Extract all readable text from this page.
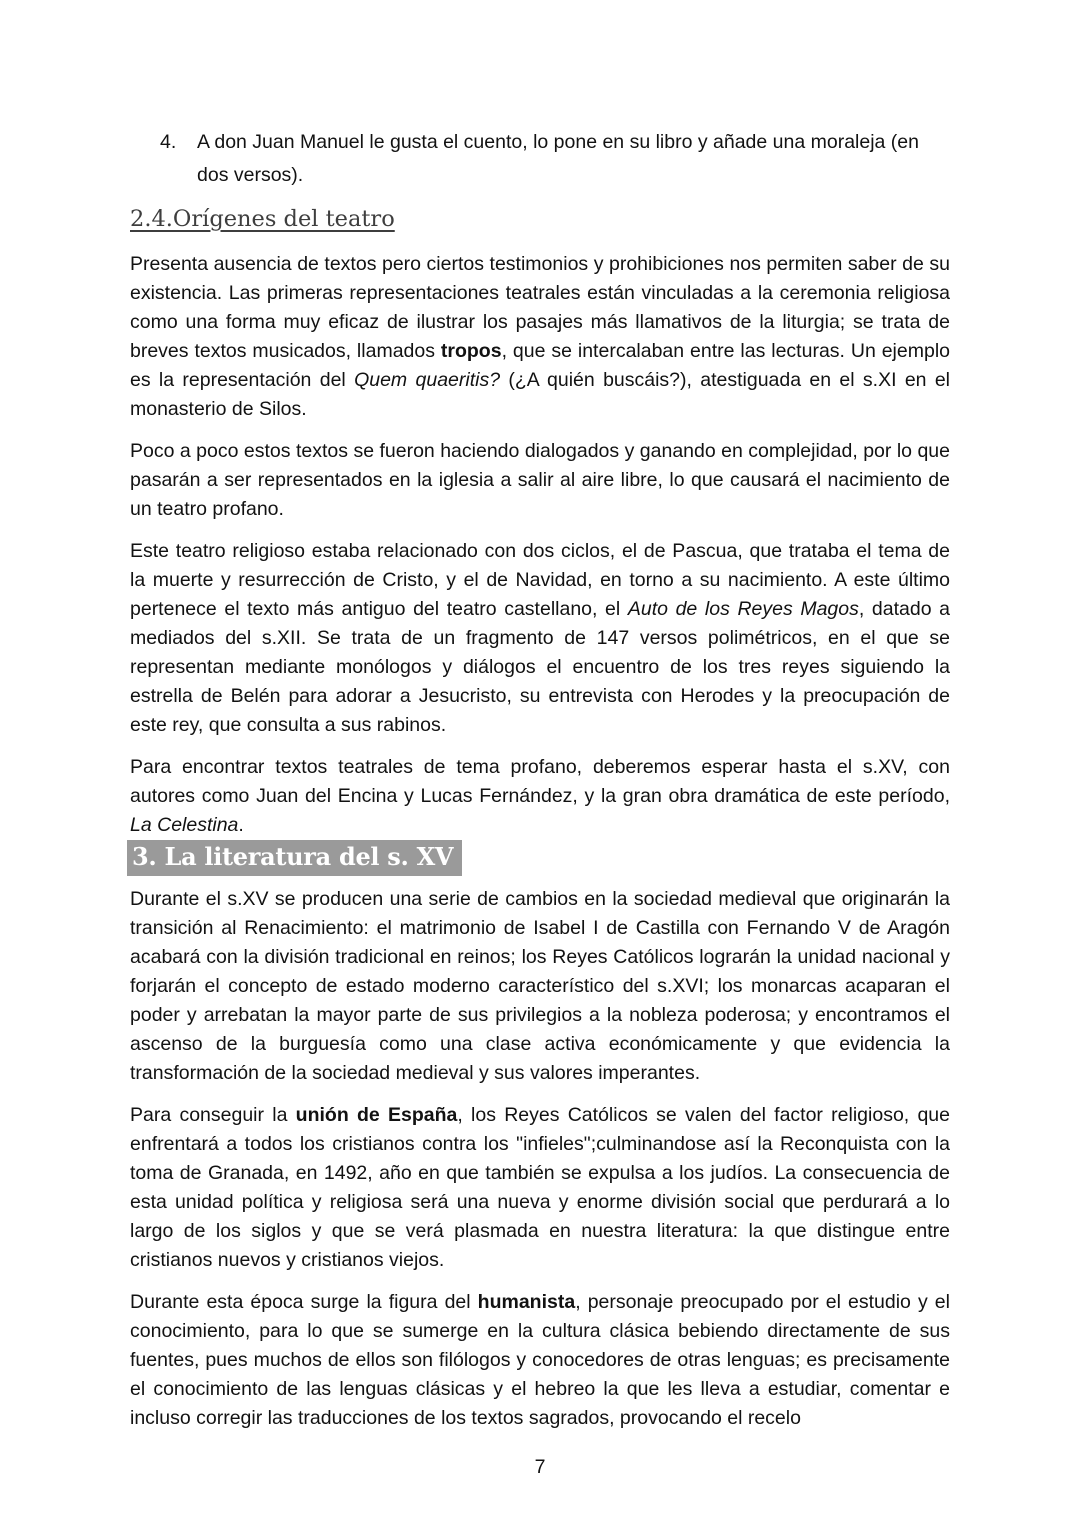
4.	A don Juan Manuel le gusta el cuento, lo pone en su libro y añade una moraleja (en dos versos).
2.4.Orígenes del teatro

Presenta ausencia de textos pero ciertos testimonios y prohibiciones nos permiten saber de su existencia. Las primeras representaciones teatrales están vinculadas a la ceremonia religiosa como una forma muy eficaz de ilustrar los pasajes más llamativos de la liturgia; se trata de breves textos musicados, llamados tropos, que se intercalaban entre las lecturas. Un ejemplo es la representación del Quem quaeritis? (¿A quién buscáis?), atestiguada en el s.XI en el monasterio de Silos.

Poco a poco estos textos se fueron haciendo dialogados y ganando en complejidad, por lo que pasarán a ser representados en la iglesia a salir al aire libre, lo que causará el nacimiento de un teatro profano.

Este teatro religioso estaba relacionado con dos ciclos, el de Pascua, que trataba el tema de la muerte y resurrección de Cristo, y el de Navidad, en torno a su nacimiento. A este último pertenece el texto más antiguo del teatro castellano, el Auto de los Reyes Magos, datado a mediados del s.XII. Se trata de un fragmento de 147 versos polimétricos, en el que se representan mediante monólogos y diálogos el encuentro de los tres reyes siguiendo la estrella de Belén para adorar a Jesucristo, su entrevista con Herodes y la preocupación de este rey, que consulta a sus rabinos.

Para encontrar textos teatrales de tema profano, deberemos esperar hasta el s.XV, con autores como Juan del Encina y Lucas Fernández, y la gran obra dramática de este período, La Celestina.

3. La literatura del s. XV

Durante el s.XV se producen una serie de cambios en la sociedad medieval que originarán la transición al Renacimiento: el matrimonio de Isabel I de Castilla con Fernando V de Aragón acabará con la división tradicional en reinos; los Reyes Católicos lograrán la unidad nacional y forjarán el concepto de estado moderno característico del s.XVI; los monarcas acaparan el poder y arrebatan la mayor parte de sus privilegios a la nobleza poderosa; y encontramos el ascenso de la burguesía como una clase activa económicamente y que evidencia la transformación de la sociedad medieval y sus valores imperantes.

Para conseguir la unión de España, los Reyes Católicos se valen del factor religioso, que enfrentará a todos los cristianos contra los "infieles";culminandose así la Reconquista con la toma de Granada, en 1492, año en que también se expulsa a los judíos. La consecuencia de esta unidad política y religiosa será una nueva y enorme división social que perdurará a lo largo de los siglos y que se verá plasmada en nuestra literatura: la que distingue entre cristianos nuevos y cristianos viejos.

Durante esta época surge la figura del humanista, personaje preocupado por el estudio y el conocimiento, para lo que se sumerge en la cultura clásica bebiendo directamente de sus fuentes, pues muchos de ellos son filólogos y conocedores de otras lenguas; es precisamente el conocimiento de las lenguas clásicas y el hebreo la que les lleva a estudiar, comentar e incluso corregir las traducciones de los textos sagrados, provocando el recelo

7
